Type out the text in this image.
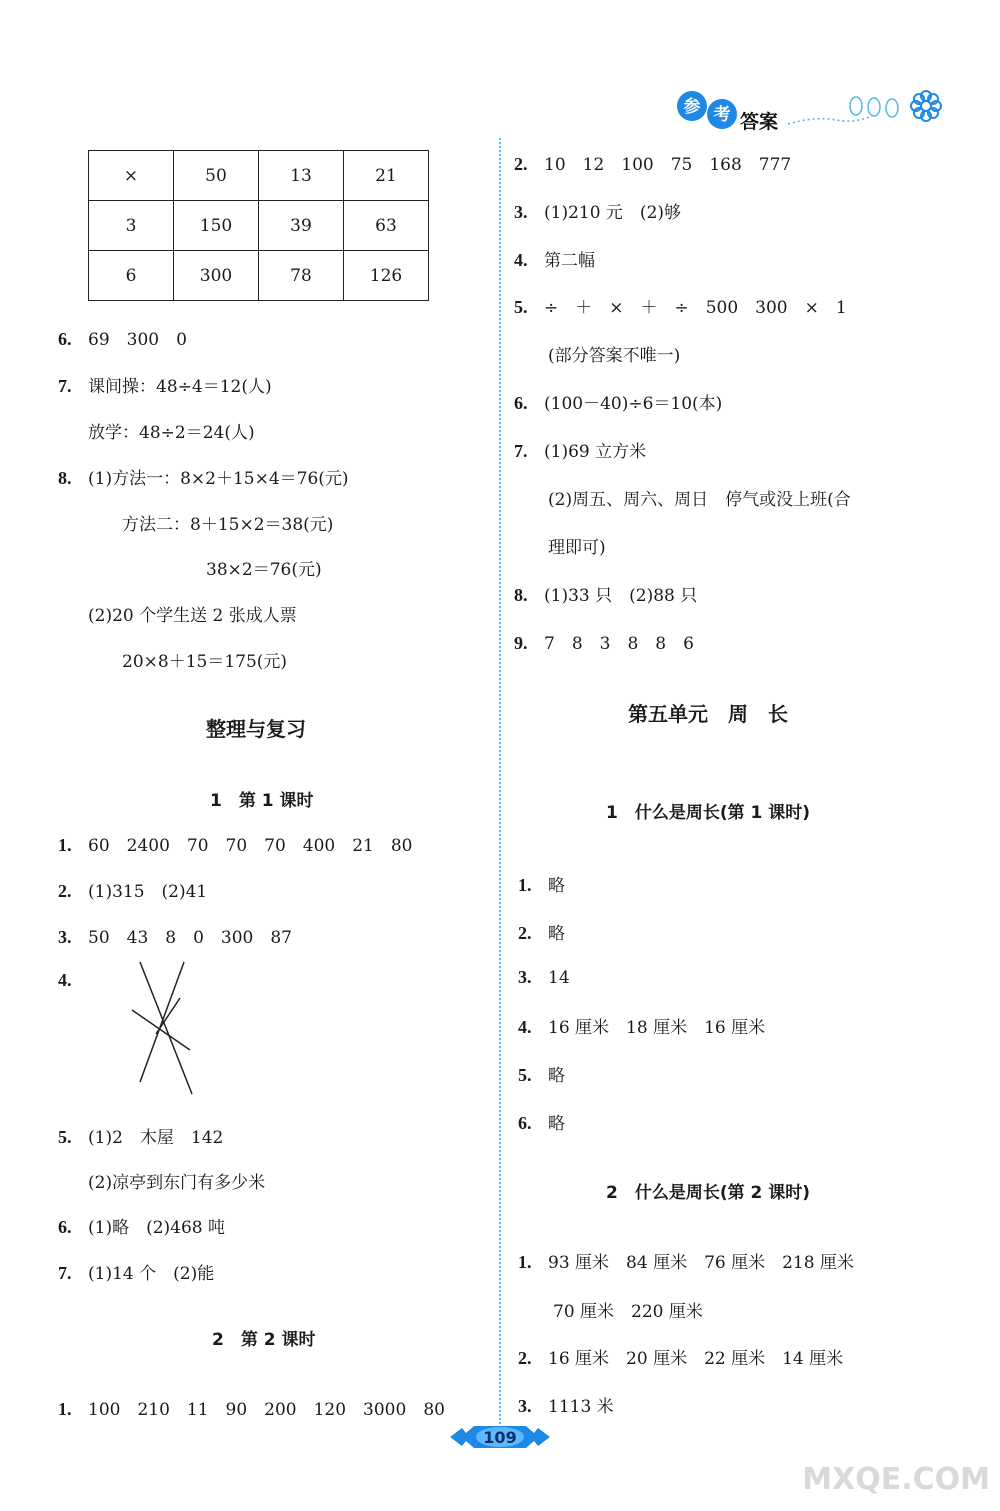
参 考 答案
×	50	13	21
3	150	39	63
6	300	78	126
6. 69　300　0
7. 课间操：48÷4＝12(人)
放学：48÷2＝24(人)
8. (1)方法一：8×2＋15×4＝76(元)
方法二：8＋15×2＝38(元)
38×2＝76(元)
(2)20 个学生送 2 张成人票
20×8＋15＝175(元)
整理与复习
1　第 1 课时
1. 60　2400　70　70　70　400　21　80
2. (1)315　(2)41
3. 50　43　8　0　300　87
4.
5. (1)2　木屋　142
(2)凉亭到东门有多少米
6. (1)略　(2)468 吨
7. (1)14 个　(2)能
2　第 2 课时
1. 100　210　11　90　200　120　3000　80
2. 10　12　100　75　168　777
3. (1)210 元　(2)够
4. 第二幅
5. ÷　＋　×　＋　÷　500　300　×　1
(部分答案不唯一)
6. (100－40)÷6＝10(本)
7. (1)69 立方米
(2)周五、周六、周日　停气或没上班(合
理即可)
8. (1)33 只　(2)88 只
9. 7　8　3　8　8　6
第五单元　周　长
1　什么是周长(第 1 课时)
1. 略
2. 略
3. 14
4. 16 厘米　18 厘米　16 厘米
5. 略
6. 略
2　什么是周长(第 2 课时)
1. 93 厘米　84 厘米　76 厘米　218 厘米
70 厘米　220 厘米
2. 16 厘米　20 厘米　22 厘米　14 厘米
3. 1113 米
109
MXQE.COM
